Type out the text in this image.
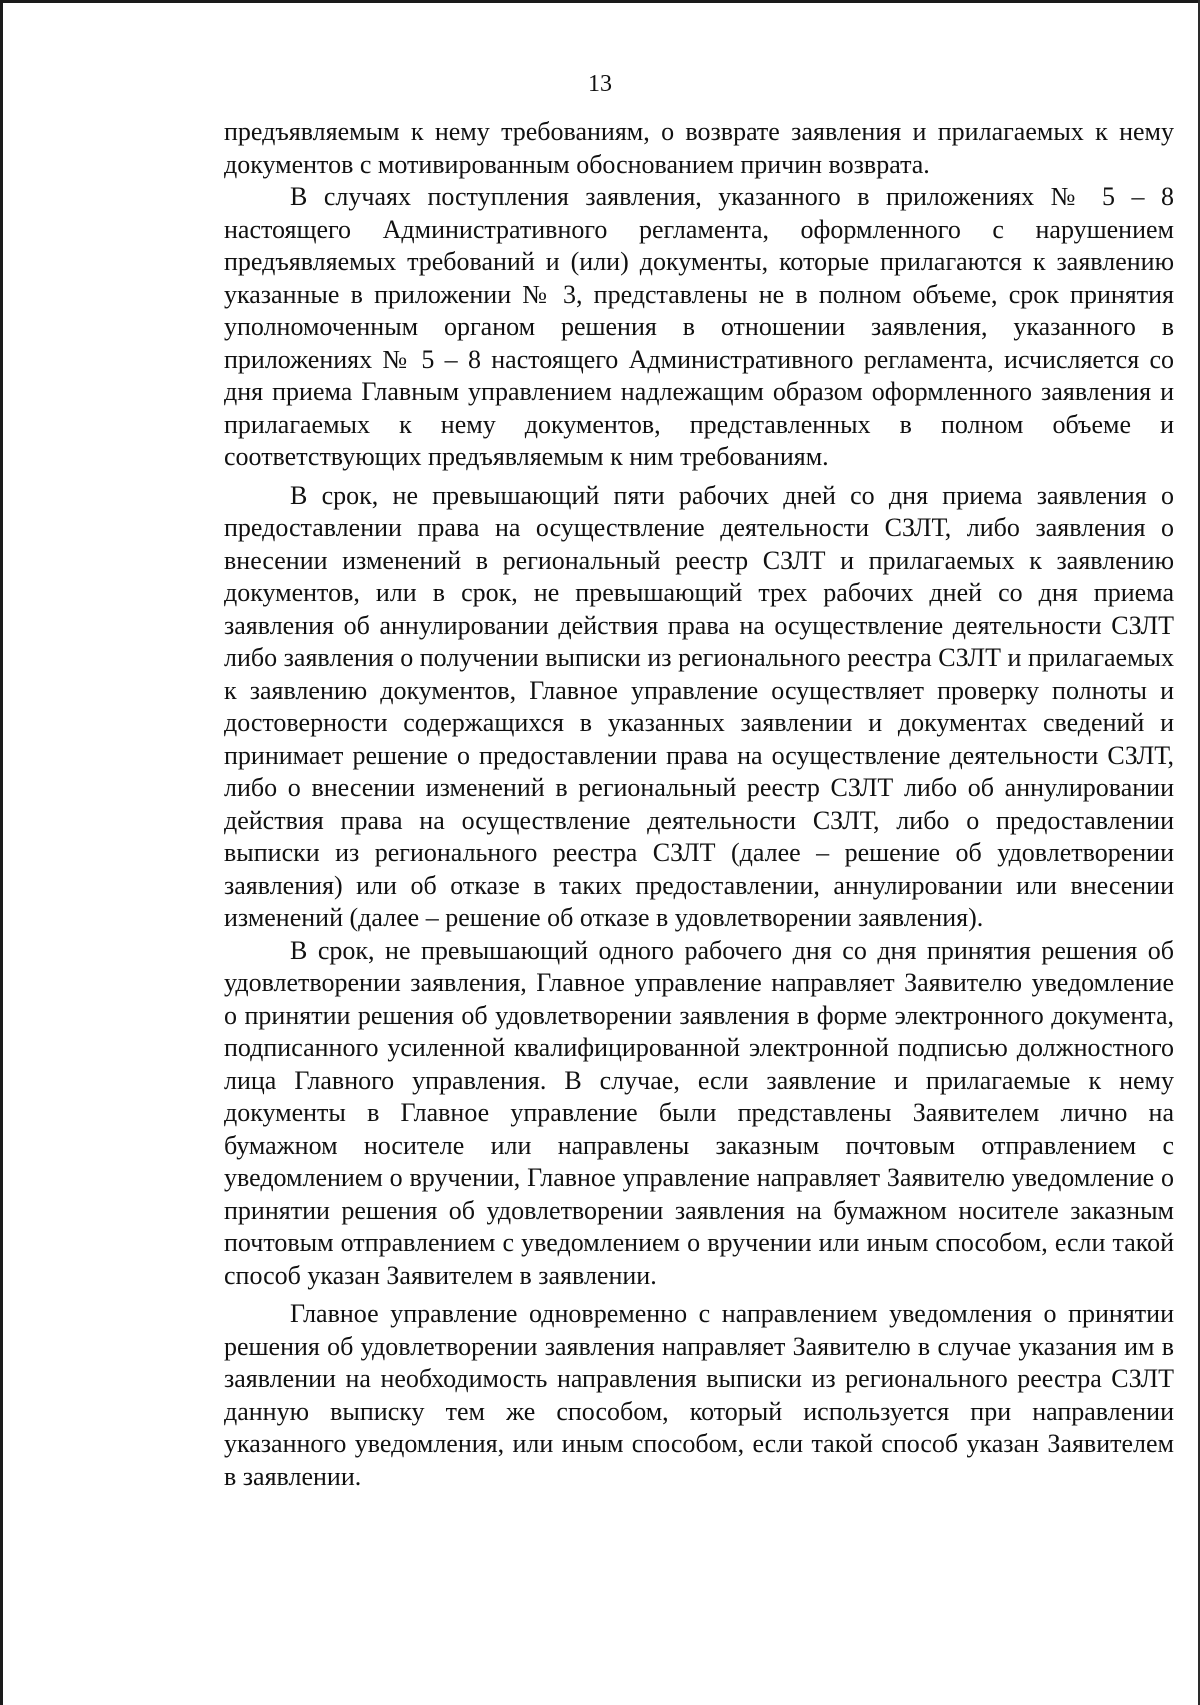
13

предъявляемым к нему требованиям, о возврате заявления и прилагаемых к нему документов с мотивированным обоснованием причин возврата.

В случаях поступления заявления, указанного в приложениях № 5 – 8 настоящего Административного регламента, оформленного с нарушением предъявляемых требований и (или) документы, которые прилагаются к заявлению указанные в приложении № 3, представлены не в полном объеме, срок принятия уполномоченным органом решения в отношении заявления, указанного в приложениях № 5 – 8 настоящего Административного регламента, исчисляется со дня приема Главным управлением надлежащим образом оформленного заявления и прилагаемых к нему документов, представленных в полном объеме и соответствующих предъявляемым к ним требованиям.

В срок, не превышающий пяти рабочих дней со дня приема заявления о предоставлении права на осуществление деятельности СЗЛТ, либо заявления о внесении изменений в региональный реестр СЗЛТ и прилагаемых к заявлению документов, или в срок, не превышающий трех рабочих дней со дня приема заявления об аннулировании действия права на осуществление деятельности СЗЛТ либо заявления о получении выписки из регионального реестра СЗЛТ и прилагаемых к заявлению документов, Главное управление осуществляет проверку полноты и достоверности содержащихся в указанных заявлении и документах сведений и принимает решение о предоставлении права на осуществление деятельности СЗЛТ, либо о внесении изменений в региональный реестр СЗЛТ либо об аннулировании действия права на осуществление деятельности СЗЛТ, либо о предоставлении выписки из регионального реестра СЗЛТ (далее – решение об удовлетворении заявления) или об отказе в таких предоставлении, аннулировании или внесении изменений (далее – решение об отказе в удовлетворении заявления).

В срок, не превышающий одного рабочего дня со дня принятия решения об удовлетворении заявления, Главное управление направляет Заявителю уведомление о принятии решения об удовлетворении заявления в форме электронного документа, подписанного усиленной квалифицированной электронной подписью должностного лица Главного управления. В случае, если заявление и прилагаемые к нему документы в Главное управление были представлены Заявителем лично на бумажном носителе или направлены заказным почтовым отправлением с уведомлением о вручении, Главное управление направляет Заявителю уведомление о принятии решения об удовлетворении заявления на бумажном носителе заказным почтовым отправлением с уведомлением о вручении или иным способом, если такой способ указан Заявителем в заявлении.

Главное управление одновременно с направлением уведомления о принятии решения об удовлетворении заявления направляет Заявителю в случае указания им в заявлении на необходимость направления выписки из регионального реестра СЗЛТ данную выписку тем же способом, который используется при направлении указанного уведомления, или иным способом, если такой способ указан Заявителем в заявлении.
